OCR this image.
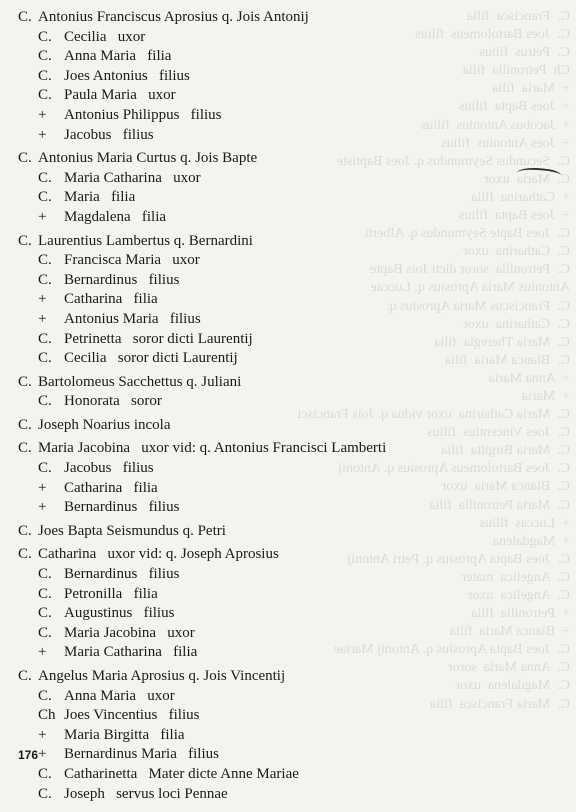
C.  Francisca  filia
C.  Joes Bartolomeus  filius
C.  Petrus  filius
Ch  Petronilla  filia
+  Maria  filia
+  Joes Bapta  filius
+  Jacobus Antonius  filius
+  Joes Antonius  filius
C.  Secundus Seymundus q. Joes Baptiste
C.  Maria  uxor
+  Catharina  filia
+  Joes Bapta  filius
C.  Joes Bapte Seymundus q. Alberti
C.  Catharina  uxor
C.  Petronilla  soror dicti Jois Bapte
Antonius Maria Aprosius q. Luccae
C.  Franciscus Maria Aprosius q.
C.  Catharina  uxor
C.  Maria Theregia  filia
C.  Bianca Maria  filia
+  Anna Maria
+  Maria
C.  Maria Catharina  uxor vidua q. Jois Francisci
C.  Joes Vincentius  filius
C.  Maria Birgitta  filia
C.  Joes Bartolomeus Aprosius q. Antonij
C.  Bianca Maria  uxor
C.  Maria Petronilla  filia
+  Luccas  filius
+  Magdalena
C.  Joes Bapta Aprosius q. Petri Antonij
C.  Angelica  mater
C.  Angelica  uxor
+  Petronilla  filia
+  Bianca Maria  filia
C.  Joes Bapta Aprosius q. Antonij Mariae
C.  Anna Maria  soror
C.  Magdalena  uxor
C.  Maria Francisca  filia
C. Antonius Franciscus Aprosius q. Jois Antonij
C. Cecilia   uxor
C. Anna Maria   filia
C. Joes Antonius   filius
C. Paula Maria   uxor
+ Antonius Philippus   filius
+ Jacobus   filius
C. Antonius Maria Curtus q. Jois Bapte
C. Maria Catharina   uxor
C. Maria   filia
+ Magdalena   filia
C. Laurentius Lambertus q. Bernardini
C. Francisca Maria   uxor
C. Bernardinus   filius
+ Catharina   filia
+ Antonius Maria   filius
C. Petrinetta   soror dicti Laurentij
C. Cecilia   soror dicti Laurentij
C. Bartolomeus Sacchettus q. Juliani
C. Honorata   soror
C. Joseph Noarius incola
C. Maria Jacobina   uxor vid: q. Antonius Francisci Lamberti
C. Jacobus   filius
+ Catharina   filia
+ Bernardinus   filius
C. Joes Bapta Seismundus q. Petri
C. Catharina   uxor vid: q. Joseph Aprosius
C. Bernardinus   filius
C. Petronilla   filia
C. Augustinus   filius
C. Maria Jacobina   uxor
+ Maria Catharina   filia
C. Angelus Maria Aprosius q. Jois Vincentij
C. Anna Maria   uxor
Ch Joes Vincentius   filius
+ Maria Birgitta   filia
+ Bernardinus Maria   filius
C. Catharinetta   Mater dicte Anne Mariae
C. Joseph   servus loci Pennae
176
